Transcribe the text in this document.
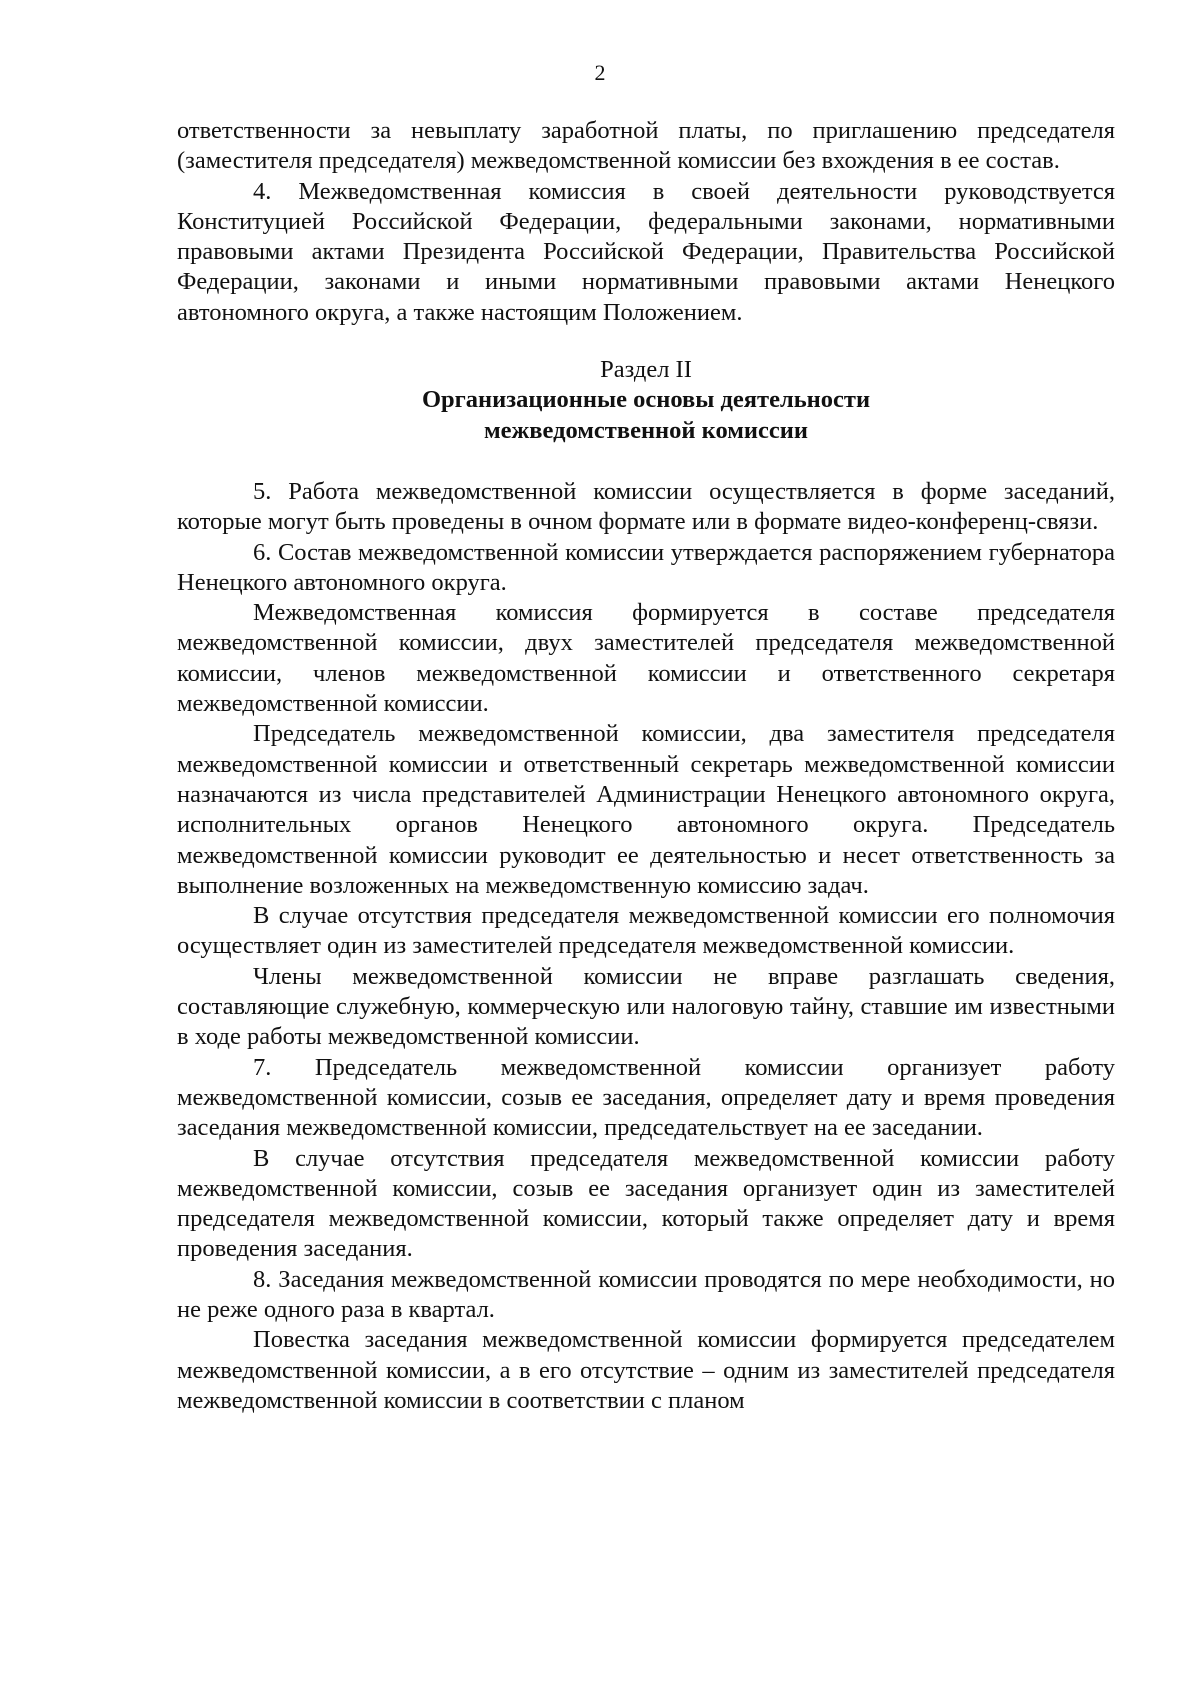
2

ответственности за невыплату заработной платы, по приглашению председателя (заместителя председателя) межведомственной комиссии без вхождения в ее состав.

4. Межведомственная комиссия в своей деятельности руководствуется Конституцией Российской Федерации, федеральными законами, нормативными правовыми актами Президента Российской Федерации, Правительства Российской Федерации, законами и иными нормативными правовыми актами Ненецкого автономного округа, а также настоящим Положением.

Раздел II

Организационные основы деятельности

межведомственной комиссии

5. Работа межведомственной комиссии осуществляется в форме заседаний, которые могут быть проведены в очном формате или в формате видео-конференц-связи.

6. Состав межведомственной комиссии утверждается распоряжением губернатора Ненецкого автономного округа.

Межведомственная комиссия формируется в составе председателя межведомственной комиссии, двух заместителей председателя межведомственной комиссии, членов межведомственной комиссии и ответственного секретаря межведомственной комиссии.

Председатель межведомственной комиссии, два заместителя председателя межведомственной комиссии и ответственный секретарь межведомственной комиссии назначаются из числа представителей Администрации Ненецкого автономного округа, исполнительных органов Ненецкого автономного округа. Председатель межведомственной комиссии руководит ее деятельностью и несет ответственность за выполнение возложенных на межведомственную комиссию задач.

В случае отсутствия председателя межведомственной комиссии его полномочия осуществляет один из заместителей председателя межведомственной комиссии.

Члены межведомственной комиссии не вправе разглашать сведения, составляющие служебную, коммерческую или налоговую тайну, ставшие им известными в ходе работы межведомственной комиссии.

7. Председатель межведомственной комиссии организует работу межведомственной комиссии, созыв ее заседания, определяет дату и время проведения заседания межведомственной комиссии, председательствует на ее заседании.

В случае отсутствия председателя межведомственной комиссии работу межведомственной комиссии, созыв ее заседания организует один из заместителей председателя межведомственной комиссии, который также определяет дату и время проведения заседания.

8. Заседания межведомственной комиссии проводятся по мере необходимости, но не реже одного раза в квартал.

Повестка заседания межведомственной комиссии формируется председателем межведомственной комиссии, а в его отсутствие – одним из заместителей председателя межведомственной комиссии в соответствии с планом
